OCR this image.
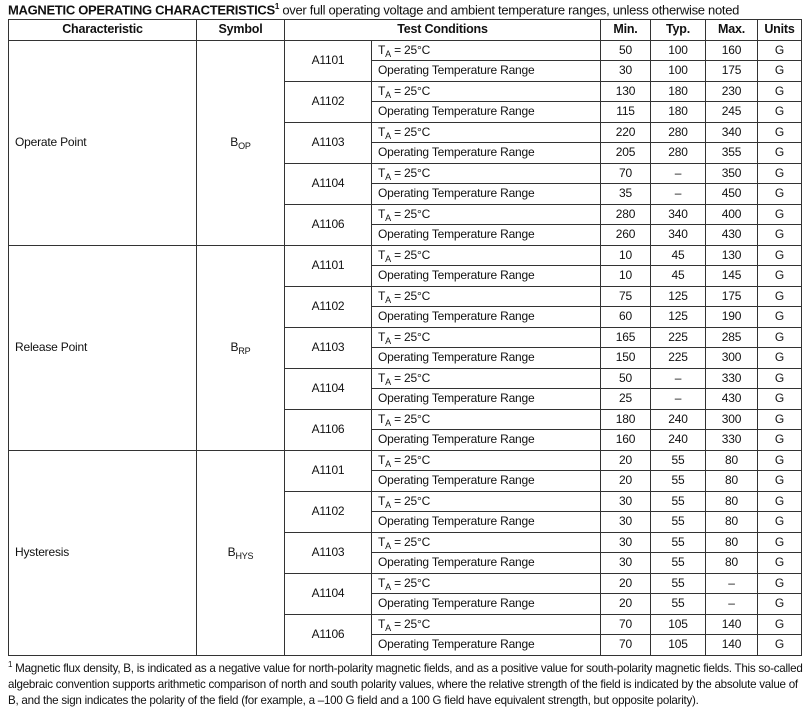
MAGNETIC OPERATING CHARACTERISTICS$^1$ over full operating voltage and ambient temperature ranges, unless otherwise noted
Characteristic	Symbol	Test Conditions		Min.	Typ.	Max.	Units
Operate Point	$B_{OP}$	A1101	$T_A = 25^\circ C$	50	100	160	G
			Operating Temperature Range	30	100	175	G
		A1102	$T_A = 25^\circ C$	130	180	230	G
			Operating Temperature Range	115	180	245	G
		A1103	$T_A = 25^\circ C$	220	280	340	G
			Operating Temperature Range	205	280	355	G
		A1104	$T_A = 25^\circ C$	70	–	350	G
			Operating Temperature Range	35	–	450	G
		A1106	$T_A = 25^\circ C$	280	340	400	G
			Operating Temperature Range	260	340	430	G
Release Point	$B_{RP}$	A1101	$T_A = 25^\circ C$	10	45	130	G
			Operating Temperature Range	10	45	145	G
		A1102	$T_A = 25^\circ C$	75	125	175	G
			Operating Temperature Range	60	125	190	G
		A1103	$T_A = 25^\circ C$	165	225	285	G
			Operating Temperature Range	150	225	300	G
		A1104	$T_A = 25^\circ C$	50	–	330	G
			Operating Temperature Range	25	–	430	G
		A1106	$T_A = 25^\circ C$	180	240	300	G
			Operating Temperature Range	160	240	330	G
Hysteresis	$B_{HYS}$	A1101	$T_A = 25^\circ C$	20	55	80	G
			Operating Temperature Range	20	55	80	G
		A1102	$T_A = 25^\circ C$	30	55	80	G
			Operating Temperature Range	30	55	80	G
		A1103	$T_A = 25^\circ C$	30	55	80	G
			Operating Temperature Range	30	55	80	G
		A1104	$T_A = 25^\circ C$	20	55	–	G
			Operating Temperature Range	20	55	–	G
		A1106	$T_A = 25^\circ C$	70	105	140	G
			Operating Temperature Range	70	105	140	G
$^1$ Magnetic flux density, B, is indicated as a negative value for north-polarity magnetic fields, and as a positive value for south-polarity magnetic fields. This so-called algebraic convention supports arithmetic comparison of north and south polarity values, where the relative strength of the field is indicated by the absolute value of B, and the sign indicates the polarity of the field (for example, a –100 G field and a 100 G field have equivalent strength, but opposite polarity).
